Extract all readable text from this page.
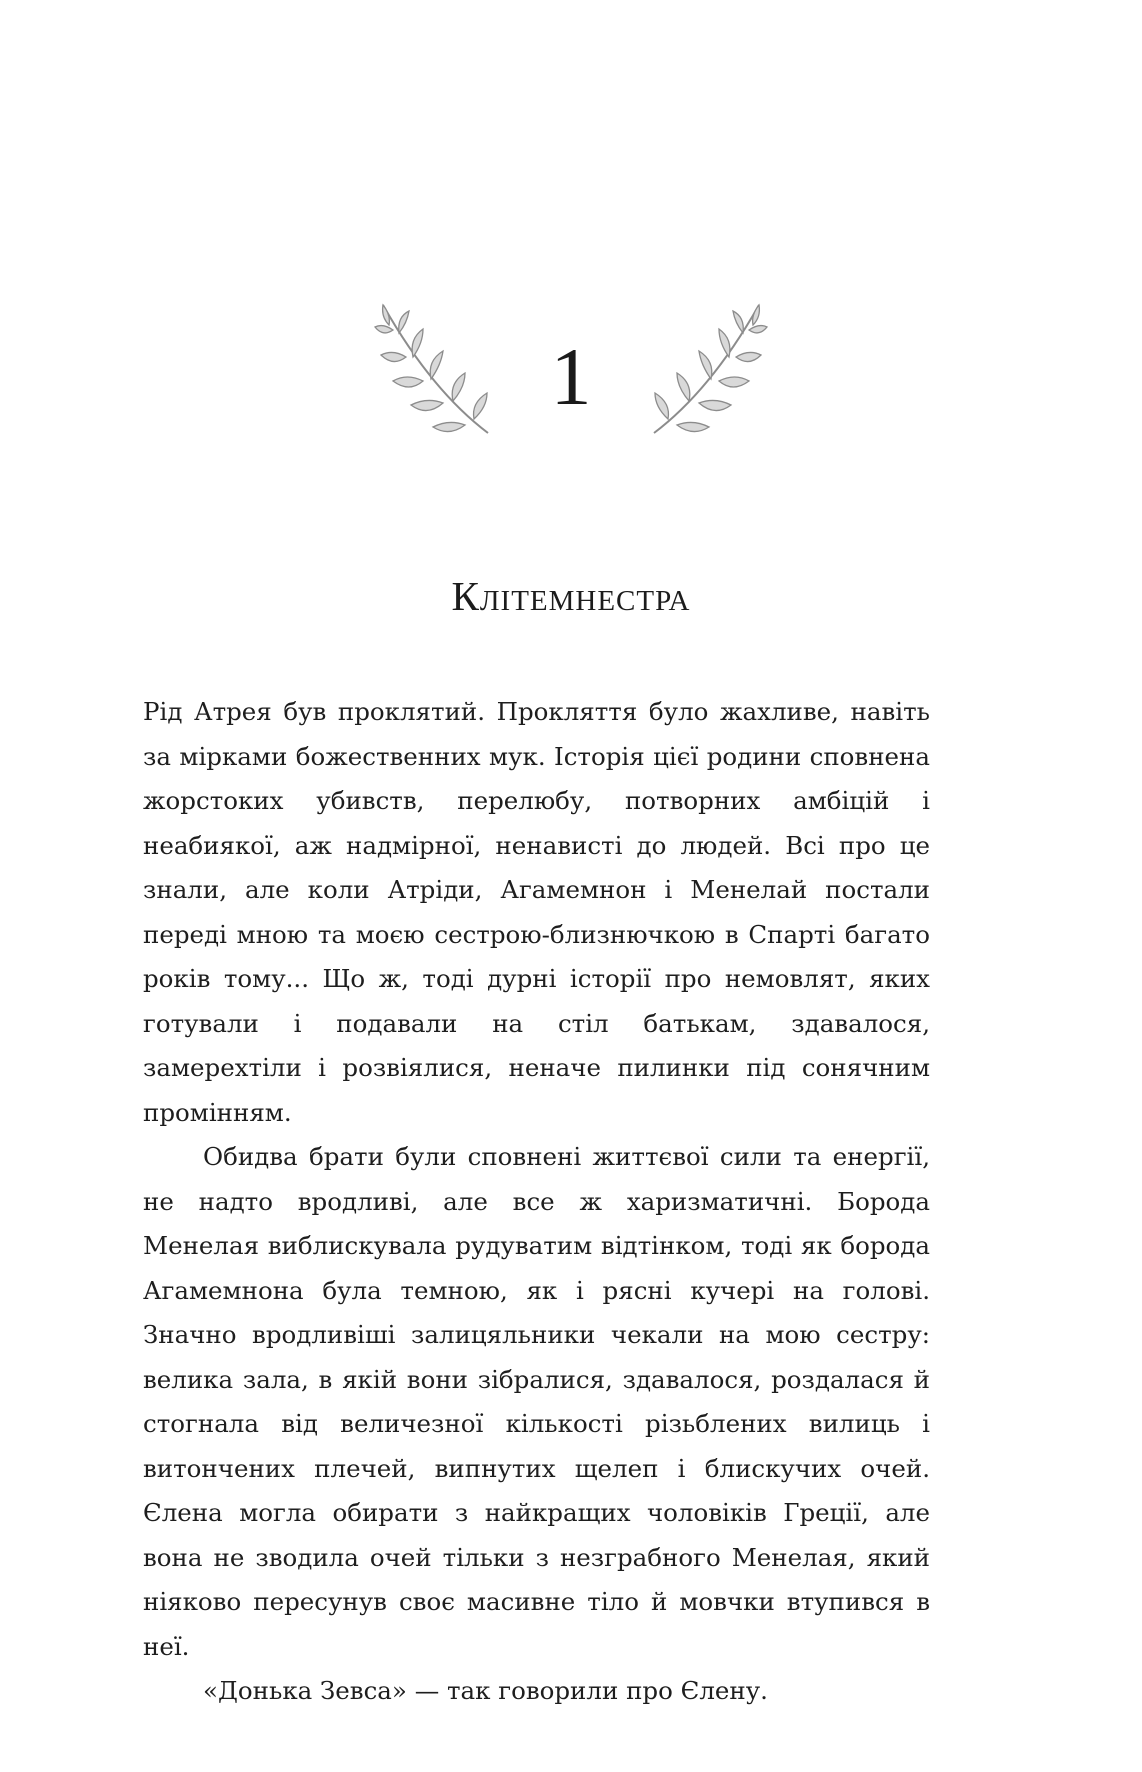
1
Клітемнестра

Рід Атрея був проклятий. Прокляття було жахливе, навіть за мірками божественних мук. Історія цієї родини сповнена жорстоких убивств, перелюбу, потворних амбіцій і неабиякої, аж надмірної, ненависті до людей. Всі про це знали, але коли Атріди, Агамемнон і Менелай постали переді мною та моєю сестрою-близнючкою в Спарті багато років тому... Що ж, тоді дурні історії про немовлят, яких готували і подавали на стіл батькам, здавалося, замерехтіли і розвіялися, неначе пилинки під сонячним промінням.

Обидва брати були сповнені життєвої сили та енергії, не надто вродливі, але все ж харизматичні. Борода Менелая виблискувала рудуватим відтінком, тоді як борода Агамемнона була темною, як і рясні кучері на голові. Значно вродливіші залицяльники чекали на мою сестру: велика зала, в якій вони зібралися, здавалося, роздалася й стогнала від величезної кількості різьблених вилиць і витончених плечей, випнутих щелеп і блискучих очей. Єлена могла обирати з найкращих чоловіків Греції, але вона не зводила очей тільки з незграбного Менелая, який ніяково пересунув своє масивне тіло й мовчки втупився в неї.

«Донька Зевса» — так говорили про Єлену.
